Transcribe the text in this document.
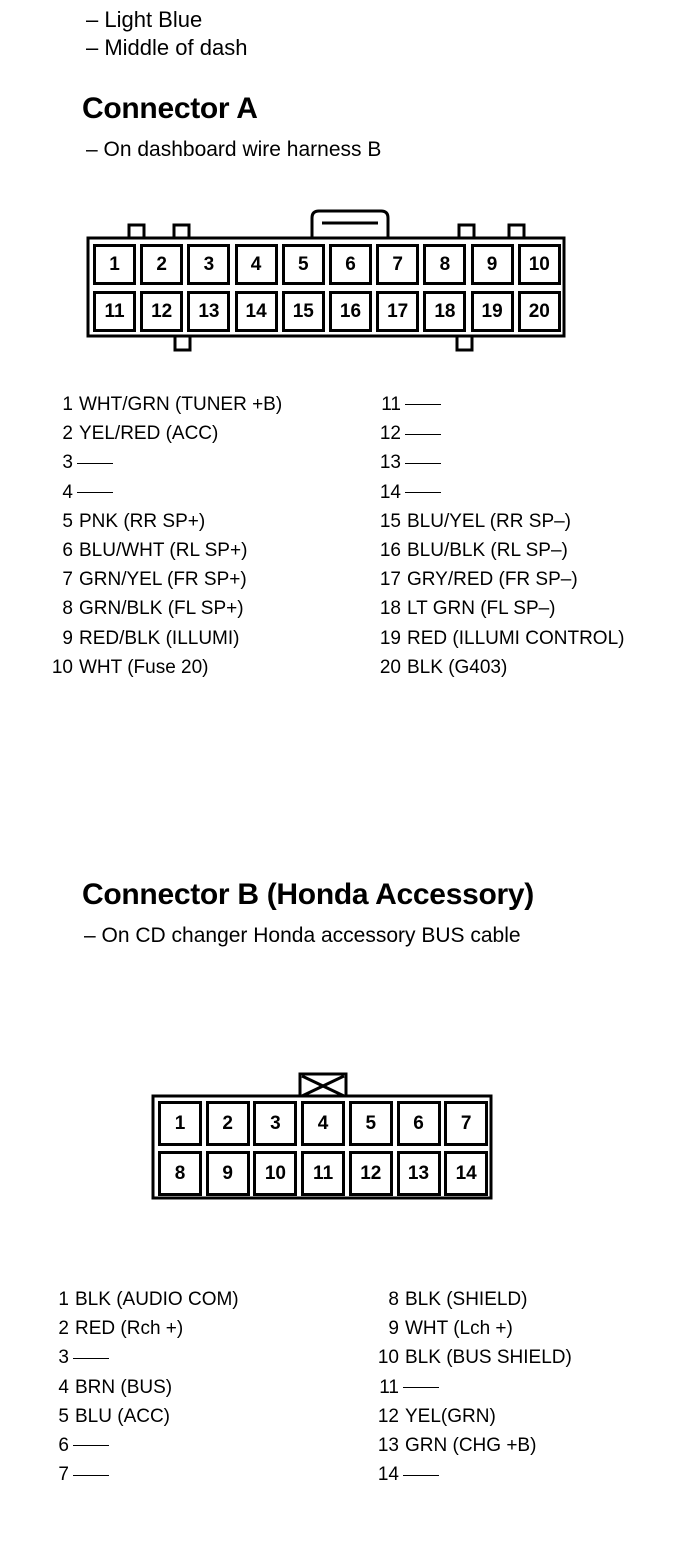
– Light Blue
– Middle of dash
Connector A
– On dashboard wire harness B
1	2	3	4	5	6	7	8	9	10
11	12	13	14	15	16	17	18	19	20
1 WHT/GRN (TUNER +B)
2 YEL/RED (ACC)
3
4
5 PNK (RR SP+)
6 BLU/WHT (RL SP+)
7 GRN/YEL (FR SP+)
8 GRN/BLK (FL SP+)
9 RED/BLK (ILLUMI)
10 WHT (Fuse 20)
11
12
13
14
15 BLU/YEL (RR SP–)
16 BLU/BLK (RL SP–)
17 GRY/RED (FR SP–)
18 LT GRN (FL SP–)
19 RED (ILLUMI CONTROL)
20 BLK (G403)
Connector B (Honda Accessory)
– On CD changer Honda accessory BUS cable
1	2	3	4	5	6	7
8	9	10	11	12	13	14
1 BLK (AUDIO COM)
2 RED (Rch +)
3
4 BRN (BUS)
5 BLU (ACC)
6
7
8 BLK (SHIELD)
9 WHT (Lch +)
10 BLK (BUS SHIELD)
11
12 YEL(GRN)
13 GRN (CHG +B)
14
